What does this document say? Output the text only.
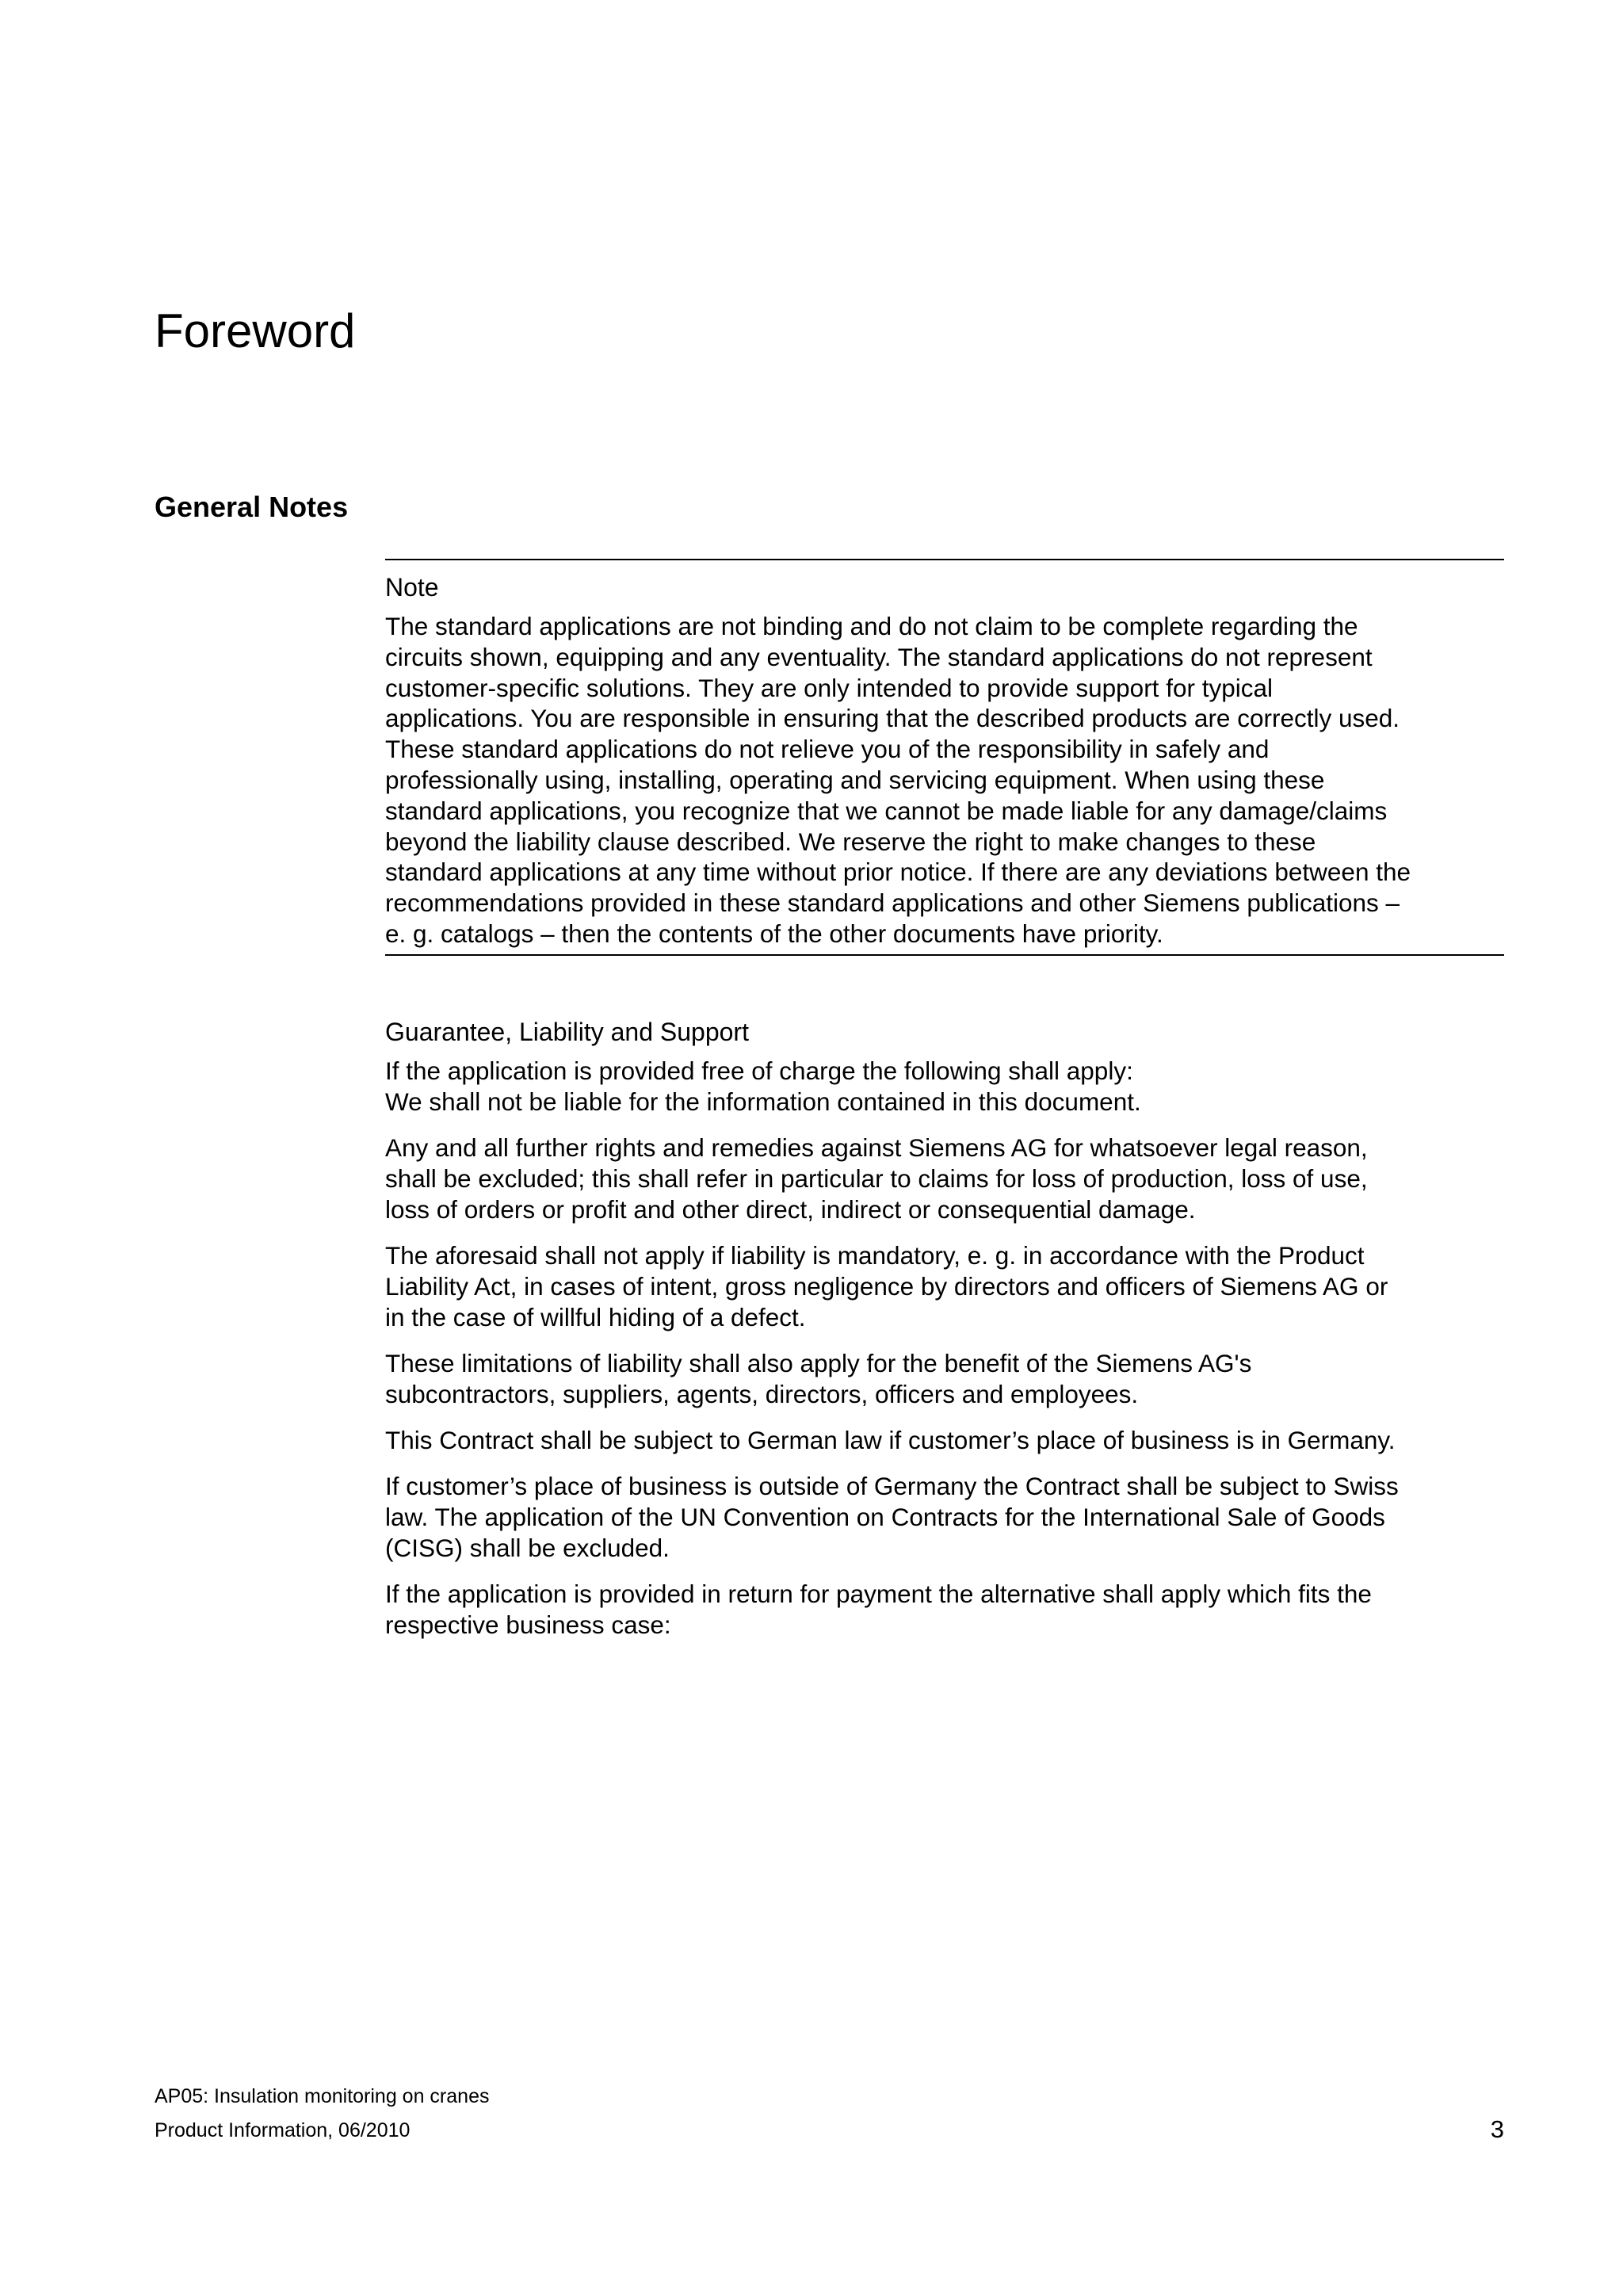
Foreword
General Notes
Note

The standard applications are not binding and do not claim to be complete regarding the
circuits shown, equipping and any eventuality. The standard applications do not represent
customer-specific solutions. They are only intended to provide support for typical
applications. You are responsible in ensuring that the described products are correctly used.
These standard applications do not relieve you of the responsibility in safely and
professionally using, installing, operating and servicing equipment. When using these
standard applications, you recognize that we cannot be made liable for any damage/claims
beyond the liability clause described. We reserve the right to make changes to these
standard applications at any time without prior notice. If there are any deviations between the
recommendations provided in these standard applications and other Siemens publications –
e. g. catalogs – then the contents of the other documents have priority.

Guarantee, Liability and Support

If the application is provided free of charge the following shall apply:
We shall not be liable for the information contained in this document.

Any and all further rights and remedies against Siemens AG for whatsoever legal reason,
shall be excluded; this shall refer in particular to claims for loss of production, loss of use,
loss of orders or profit and other direct, indirect or consequential damage.

The aforesaid shall not apply if liability is mandatory, e. g. in accordance with the Product
Liability Act, in cases of intent, gross negligence by directors and officers of Siemens AG or
in the case of willful hiding of a defect.

These limitations of liability shall also apply for the benefit of the Siemens AG's
subcontractors, suppliers, agents, directors, officers and employees.

This Contract shall be subject to German law if customer’s place of business is in Germany.

If customer’s place of business is outside of Germany the Contract shall be subject to Swiss
law. The application of the UN Convention on Contracts for the International Sale of Goods
(CISG) shall be excluded.

If the application is provided in return for payment the alternative shall apply which fits the
respective business case:

AP05: Insulation monitoring on cranes
Product Information, 06/2010	3
